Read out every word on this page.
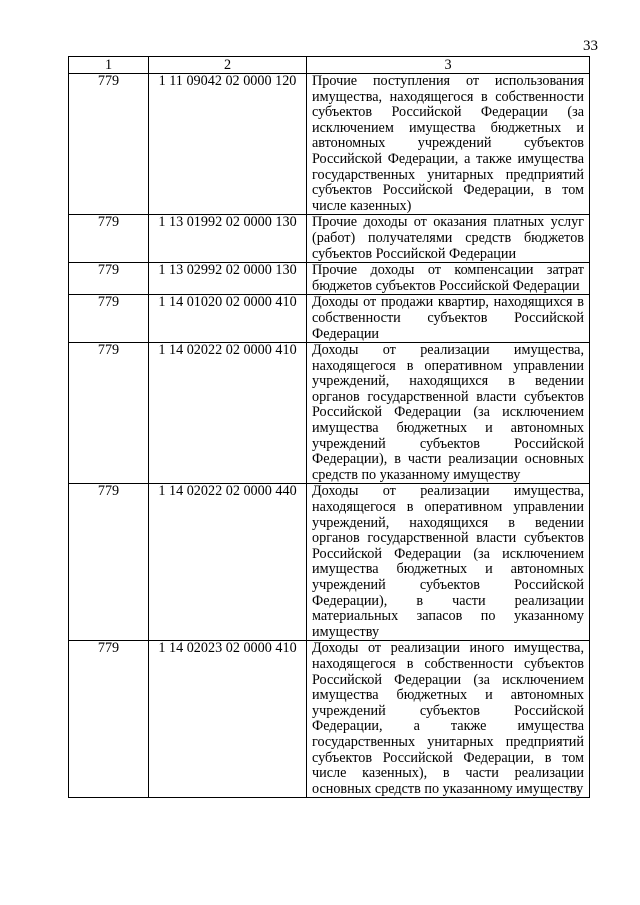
33
1	2	3
779	1 11 09042 02 0000 120	Прочие поступления от использования имущества, находящегося в собственности субъектов Российской Федерации (за исключением имущества бюджетных и автономных учреждений субъектов Российской Федерации, а также имущества государственных унитарных предприятий субъектов Российской Федерации, в том числе казенных)
779	1 13 01992 02 0000 130	Прочие доходы от оказания платных услуг (работ) получателями средств бюджетов субъектов Российской Федерации
779	1 13 02992 02 0000 130	Прочие доходы от компенсации затрат бюджетов субъектов Российской Федерации
779	1 14 01020 02 0000 410	Доходы от продажи квартир, находящихся в собственности субъектов Российской Федерации
779	1 14 02022 02 0000 410	Доходы от реализации имущества, находящегося в оперативном управлении учреждений, находящихся в ведении органов государственной власти субъектов Российской Федерации (за исключением имущества бюджетных и автономных учреждений субъектов Российской Федерации), в части реализации основных средств по указанному имуществу
779	1 14 02022 02 0000 440	Доходы от реализации имущества, находящегося в оперативном управлении учреждений, находящихся в ведении органов государственной власти субъектов Российской Федерации (за исключением имущества бюджетных и автономных учреждений субъектов Российской Федерации), в части реализации материальных запасов по указанному имуществу
779	1 14 02023 02 0000 410	Доходы от реализации иного имущества, находящегося в собственности субъектов Российской Федерации (за исключением имущества бюджетных и автономных учреждений субъектов Российской Федерации, а также имущества государственных унитарных предприятий субъектов Российской Федерации, в том числе казенных), в части реализации основных средств по указанному имуществу
